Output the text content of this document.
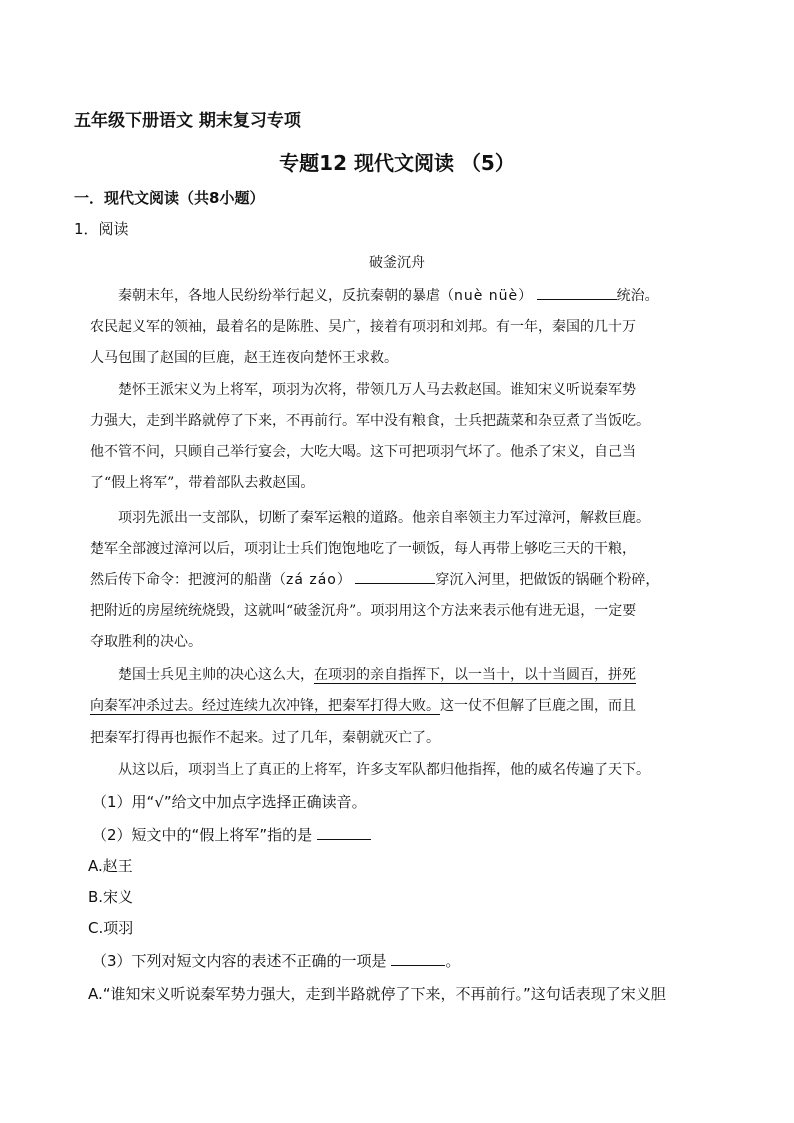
五年级下册语文 期末复习专项
专题12 现代文阅读 （5）
一．现代文阅读（共8小题）
1．阅读
破釜沉舟
秦朝末年，各地人民纷纷举行起义，反抗秦朝的暴虐（nuè nüè）	统治。
农民起义军的领袖，最着名的是陈胜、吴广，接着有项羽和刘邦。有一年，秦国的几十万
人马包围了赵国的巨鹿，赵王连夜向楚怀王求救。
楚怀王派宋义为上将军，项羽为次将，带领几万人马去救赵国。谁知宋义听说秦军势
力强大，走到半路就停了下来，不再前行。军中没有粮食，士兵把蔬菜和杂豆煮了当饭吃。
他不管不问，只顾自己举行宴会，大吃大喝。这下可把项羽气坏了。他杀了宋义，自己当
了“假上将军”，带着部队去救赵国。
项羽先派出一支部队，切断了秦军运粮的道路。他亲自率领主力军过漳河，解救巨鹿。
楚军全部渡过漳河以后，项羽让士兵们饱饱地吃了一顿饭，每人再带上够吃三天的干粮，
然后传下命令：把渡河的船凿（zá záo）	穿沉入河里，把做饭的锅砸个粉碎，
把附近的房屋统统烧毁，这就叫“破釜沉舟”。项羽用这个方法来表示他有进无退，一定要
夺取胜利的决心。
楚国士兵见主帅的决心这么大，在项羽的亲自指挥下，以一当十，以十当圆百，拼死
向秦军冲杀过去。经过连续九次冲锋，把秦军打得大败。这一仗不但解了巨鹿之围，而且
把秦军打得再也振作不起来。过了几年，秦朝就灭亡了。
从这以后，项羽当上了真正的上将军，许多支军队都归他指挥，他的威名传遍了天下。
（1）用“√”给文中加点字选择正确读音。
（2）短文中的“假上将军”指的是
A.赵王
B.宋义
C.项羽
（3）下列对短文内容的表述不正确的一项是	。
A.“谁知宋义听说秦军势力强大，走到半路就停了下来，不再前行。”这句话表现了宋义胆
